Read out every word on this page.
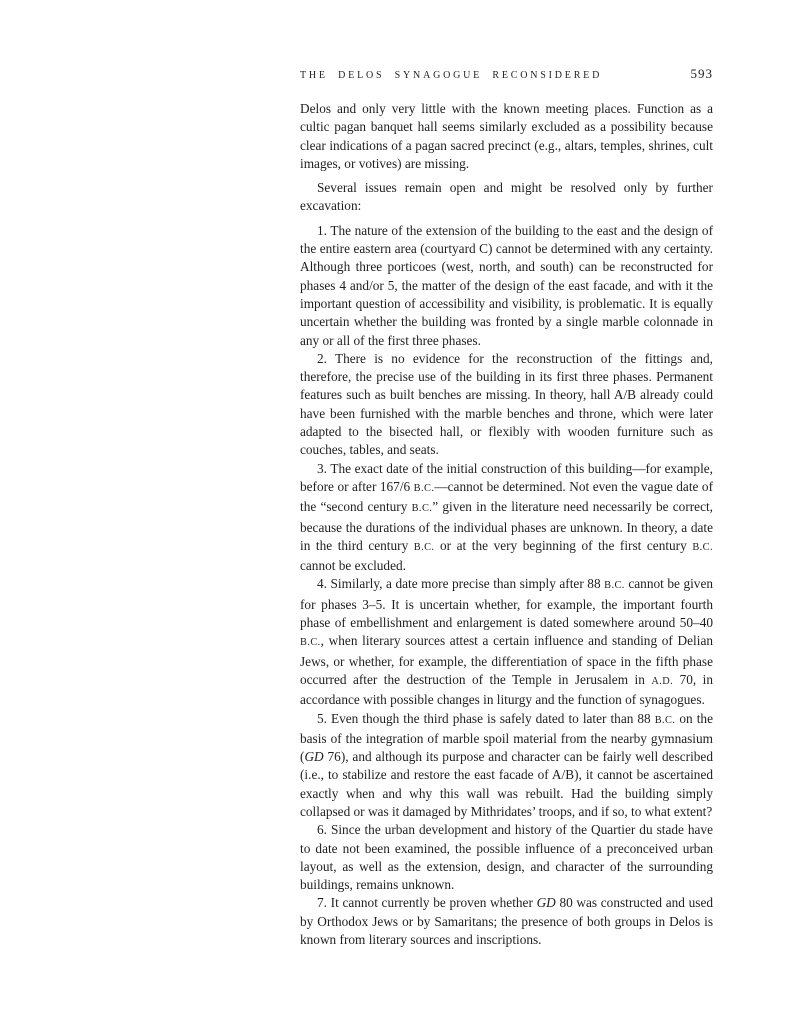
THE DELOS SYNAGOGUE RECONSIDERED	593

Delos and only very little with the known meeting places. Function as a cultic pagan banquet hall seems similarly excluded as a possibility because clear indications of a pagan sacred precinct (e.g., altars, temples, shrines, cult images, or votives) are missing.

Several issues remain open and might be resolved only by further excavation:

1. The nature of the extension of the building to the east and the design of the entire eastern area (courtyard C) cannot be determined with any certainty. Although three porticoes (west, north, and south) can be reconstructed for phases 4 and/or 5, the matter of the design of the east facade, and with it the important question of accessibility and visibility, is problematic. It is equally uncertain whether the building was fronted by a single marble colonnade in any or all of the first three phases.

2. There is no evidence for the reconstruction of the fittings and, therefore, the precise use of the building in its first three phases. Permanent features such as built benches are missing. In theory, hall A/B already could have been furnished with the marble benches and throne, which were later adapted to the bisected hall, or flexibly with wooden furniture such as couches, tables, and seats.

3. The exact date of the initial construction of this building—for example, before or after 167/6 B.C.—cannot be determined. Not even the vague date of the “second century B.C.” given in the literature need necessarily be correct, because the durations of the individual phases are unknown. In theory, a date in the third century B.C. or at the very beginning of the first century B.C. cannot be excluded.

4. Similarly, a date more precise than simply after 88 B.C. cannot be given for phases 3–5. It is uncertain whether, for example, the important fourth phase of embellishment and enlargement is dated somewhere around 50–40 B.C., when literary sources attest a certain influence and standing of Delian Jews, or whether, for example, the differentiation of space in the fifth phase occurred after the destruction of the Temple in Jerusalem in A.D. 70, in accordance with possible changes in liturgy and the function of synagogues.

5. Even though the third phase is safely dated to later than 88 B.C. on the basis of the integration of marble spoil material from the nearby gymnasium (GD 76), and although its purpose and character can be fairly well described (i.e., to stabilize and restore the east facade of A/B), it cannot be ascertained exactly when and why this wall was rebuilt. Had the building simply collapsed or was it damaged by Mithridates’ troops, and if so, to what extent?

6. Since the urban development and history of the Quartier du stade have to date not been examined, the possible influence of a preconceived urban layout, as well as the extension, design, and character of the surrounding buildings, remains unknown.

7. It cannot currently be proven whether GD 80 was constructed and used by Orthodox Jews or by Samaritans; the presence of both groups in Delos is known from literary sources and inscriptions.
